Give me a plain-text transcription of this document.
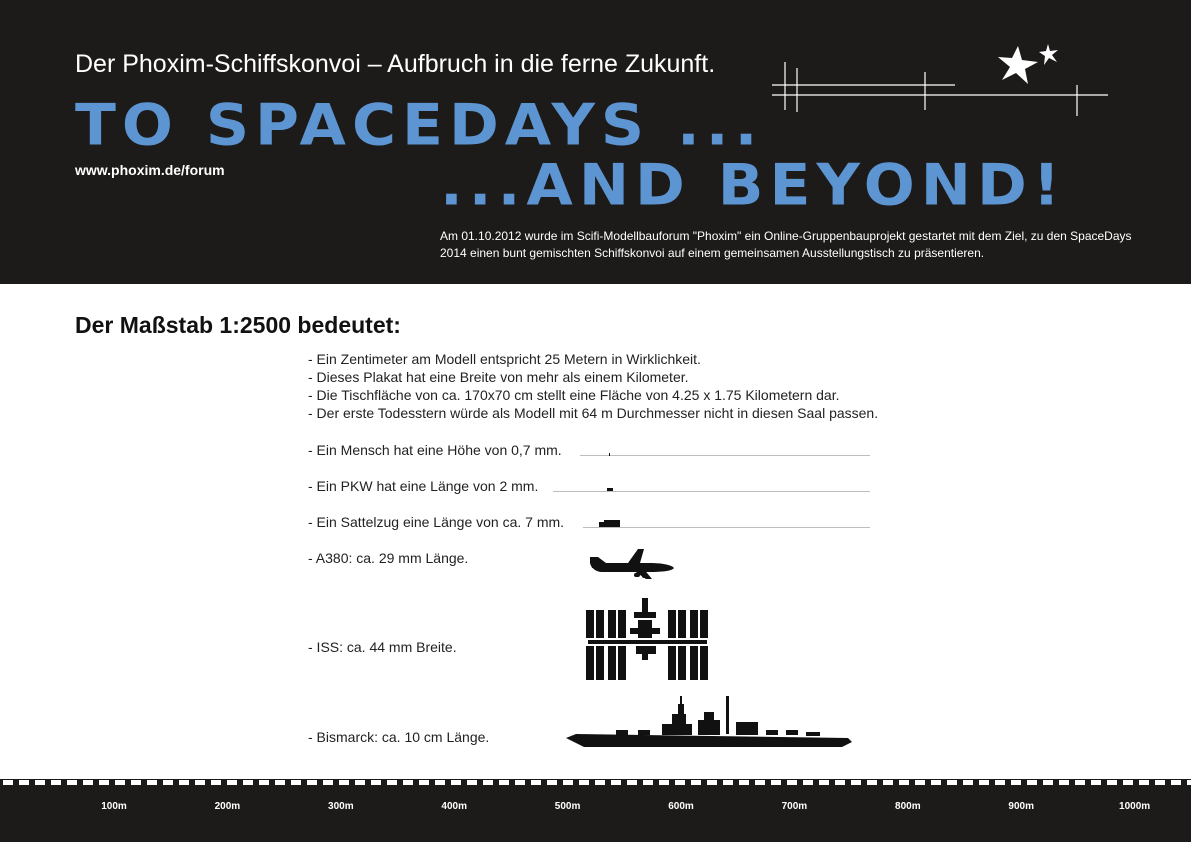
Der Phoxim-Schiffskonvoi – Aufbruch in die ferne Zukunft.
TO SPACEDAYS ...
...AND BEYOND!
www.phoxim.de/forum
Am 01.10.2012 wurde im Scifi-Modellbauforum "Phoxim" ein Online-Gruppenbauprojekt gestartet mit dem Ziel, zu den SpaceDays 2014 einen bunt gemischten Schiffskonvoi auf einem gemeinsamen Ausstellungstisch zu präsentieren.
Der Maßstab 1:2500 bedeutet:
- Ein Zentimeter am Modell entspricht 25 Metern in Wirklichkeit.
- Dieses Plakat hat eine Breite von mehr als einem Kilometer.
- Die Tischfläche von ca. 170x70 cm stellt eine Fläche von 4.25 x 1.75 Kilometern dar.
- Der erste Todesstern würde als Modell mit 64 m Durchmesser nicht in diesen Saal passen.
- Ein Mensch hat eine Höhe von 0,7 mm.
- Ein PKW hat eine Länge von 2 mm.
- Ein Sattelzug eine Länge von ca. 7 mm.
- A380: ca. 29 mm Länge.
- ISS: ca. 44 mm Breite.
- Bismarck: ca. 10 cm Länge.
100m	200m	300m	400m	500m	600m	700m	800m	900m	1000m
